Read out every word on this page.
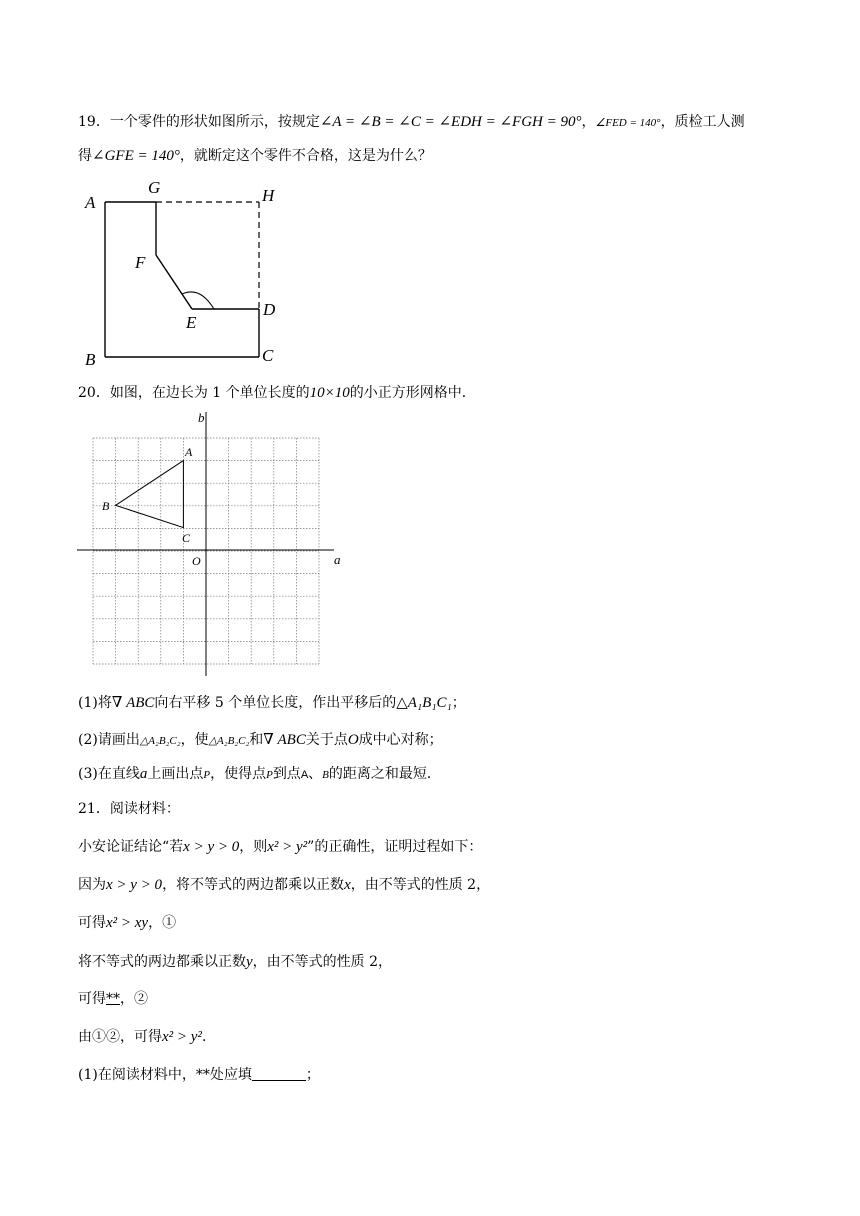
19．一个零件的形状如图所示，按规定∠A = ∠B = ∠C = ∠EDH = ∠FGH = 90°，∠FED = 140°，质检工人测
得∠GFE = 140°，就断定这个零件不合格，这是为什么？
A
G	H
F
E
D
B	C
20．如图，在边长为 1 个单位长度的10×10的小正方形网格中．
b
a
A
B
C
O
(1)将∇ ABC向右平移 5 个单位长度，作出平移后的△A₁B₁C₁；
(2)请画出△A₂B₂C₂，使△A₂B₂C₂和∇ ABC关于点O成中心对称；
(3)在直线a上画出点P，使得点P到点A、B的距离之和最短．
21．阅读材料：
小安论证结论“若x > y > 0，则x² > y²”的正确性，证明过程如下：
因为x > y > 0，将不等式的两边都乘以正数x，由不等式的性质 2，
可得x² > xy，①
将不等式的两边都乘以正数y，由不等式的性质 2，
可得**，②
由①②，可得x² > y²．
(1)在阅读材料中，**处应填	；
